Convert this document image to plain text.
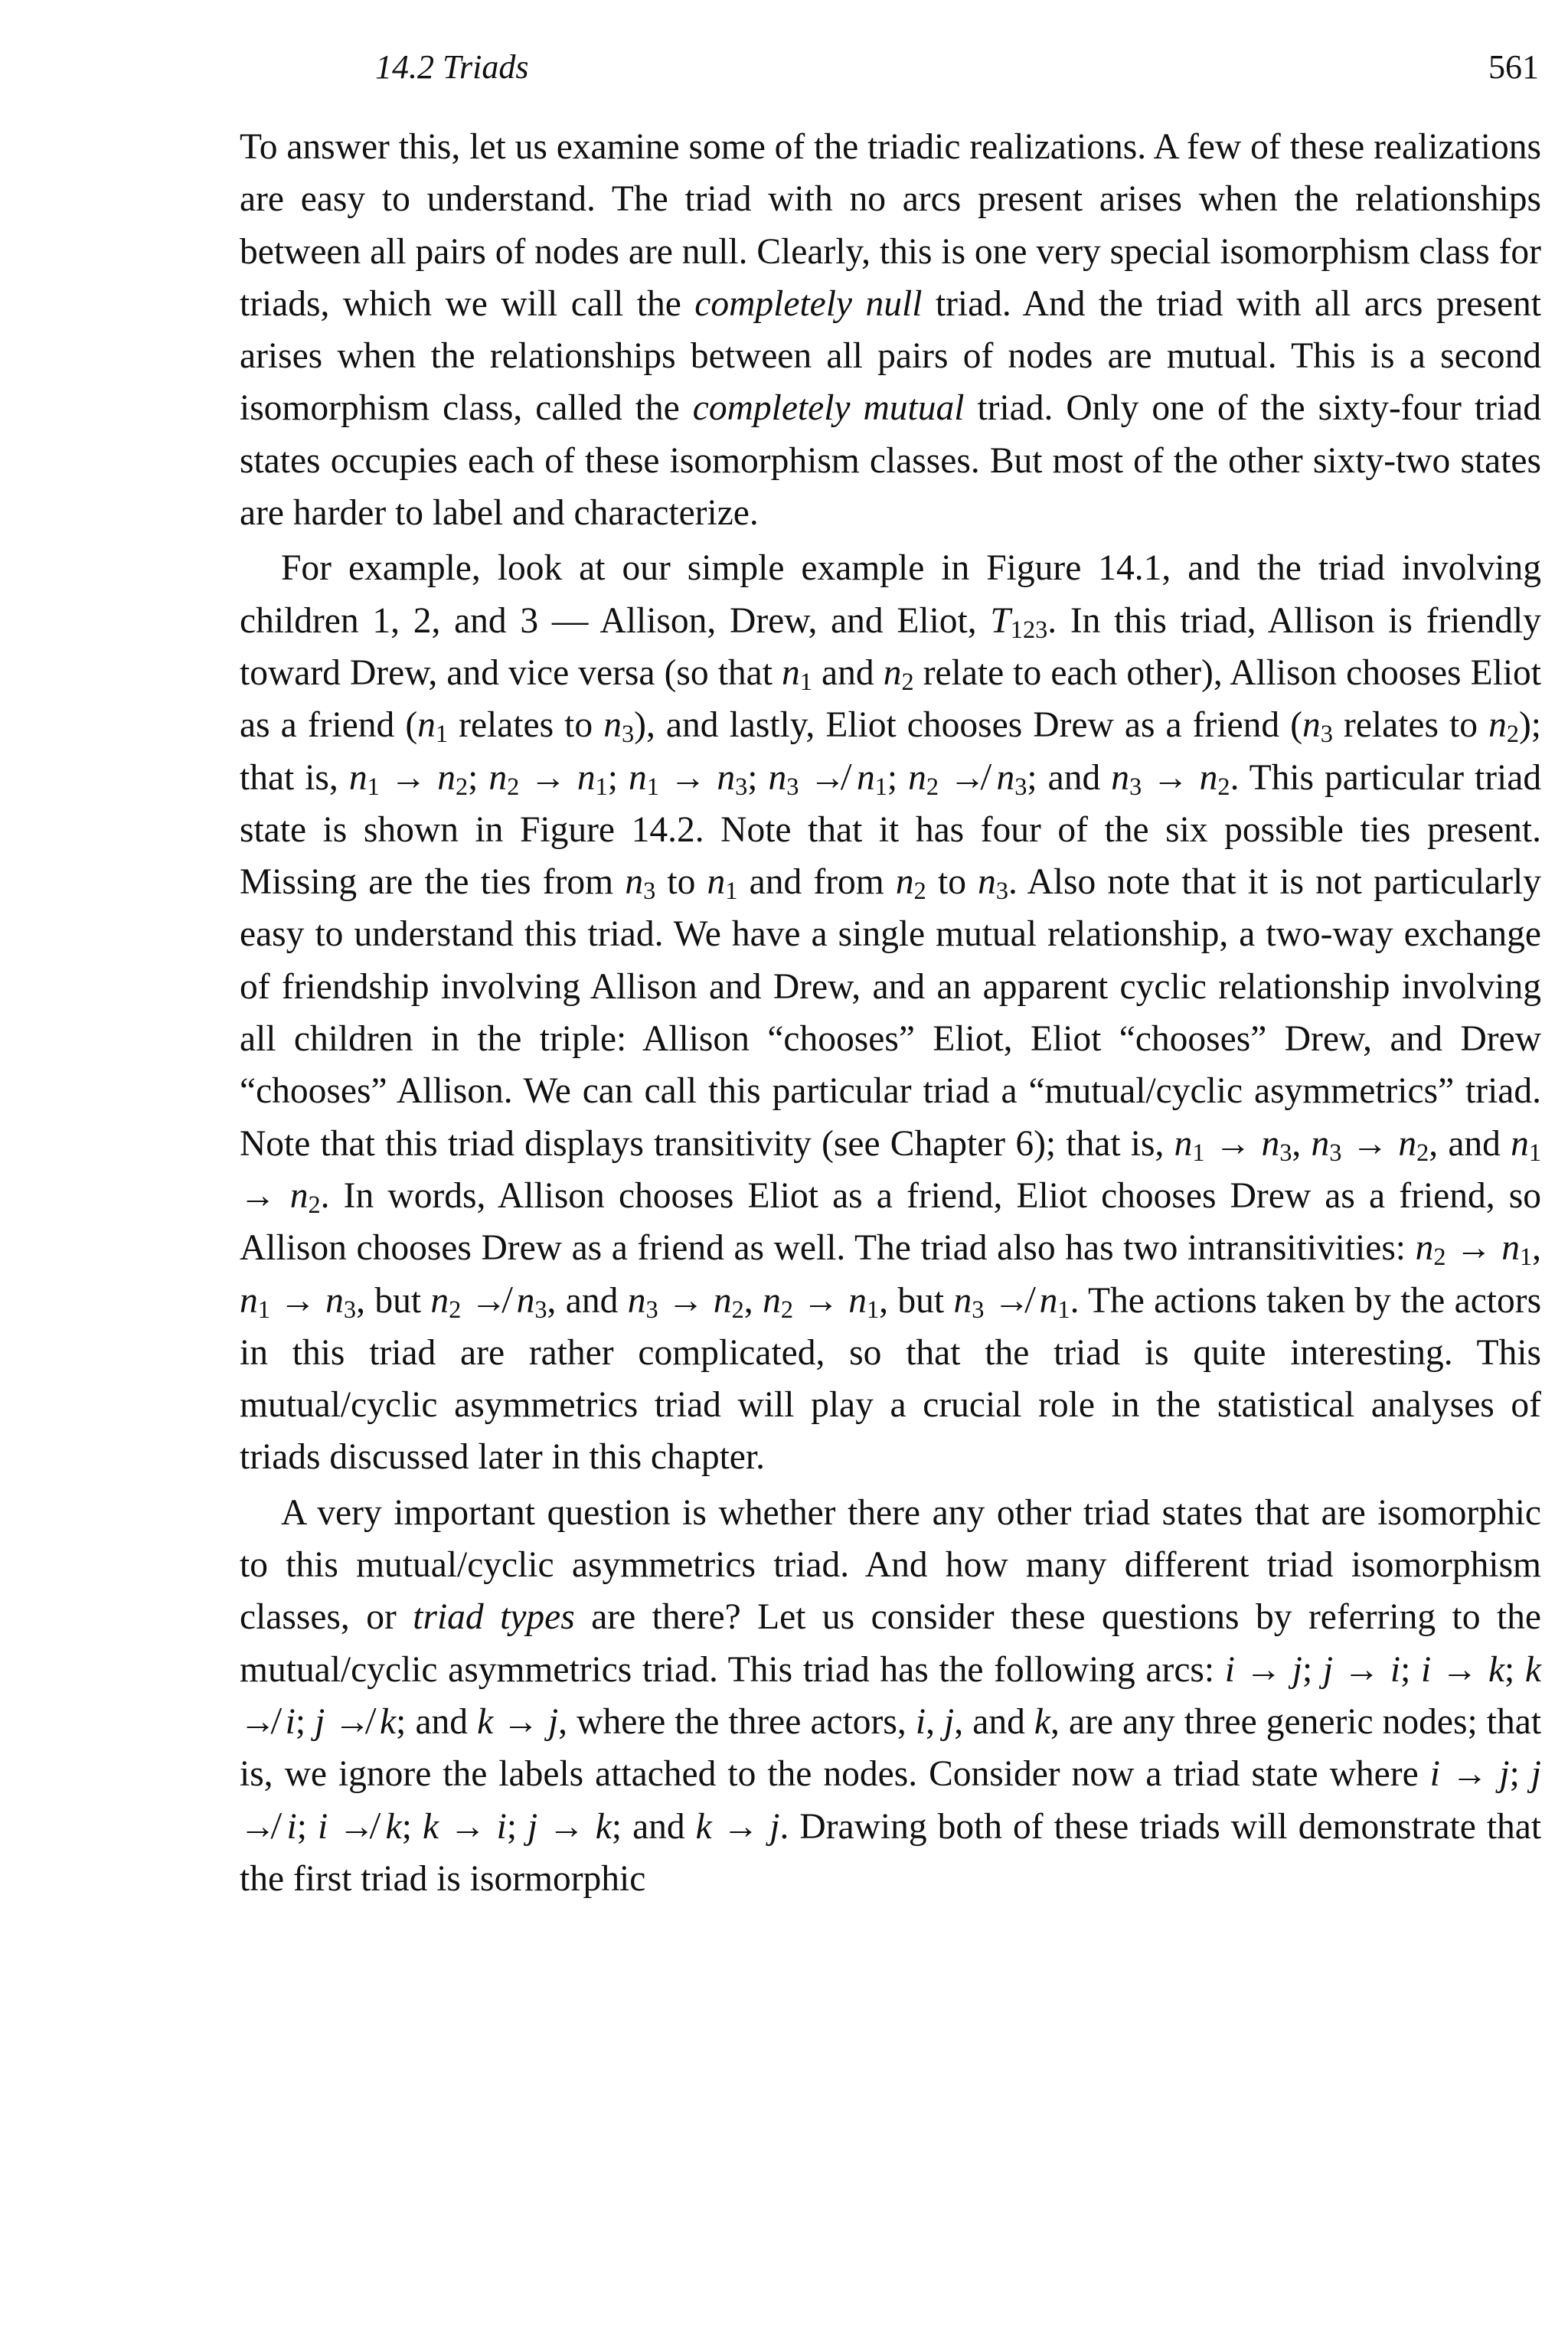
14.2 Triads	561

To answer this, let us examine some of the triadic realizations. A few of these realizations are easy to understand. The triad with no arcs present arises when the relationships between all pairs of nodes are null. Clearly, this is one very special isomorphism class for triads, which we will call the completely null triad. And the triad with all arcs present arises when the relationships between all pairs of nodes are mutual. This is a second isomorphism class, called the completely mutual triad. Only one of the sixty-four triad states occupies each of these isomorphism classes. But most of the other sixty-two states are harder to label and characterize.

For example, look at our simple example in Figure 14.1, and the triad involving children 1, 2, and 3 — Allison, Drew, and Eliot, $T_{123}$. In this triad, Allison is friendly toward Drew, and vice versa (so that $n_1$ and $n_2$ relate to each other), Allison chooses Eliot as a friend ($n_1$ relates to $n_3$), and lastly, Eliot chooses Drew as a friend ($n_3$ relates to $n_2$); that is, $n_1 \to n_2$; $n_2 \to n_1$; $n_1 \to n_3$; $n_3$ ↛ $n_1$; $n_2$ ↛ $n_3$; and $n_3 \to n_2$. This particular triad state is shown in Figure 14.2. Note that it has four of the six possible ties present. Missing are the ties from $n_3$ to $n_1$ and from $n_2$ to $n_3$. Also note that it is not particularly easy to understand this triad. We have a single mutual relationship, a two-way exchange of friendship involving Allison and Drew, and an apparent cyclic relationship involving all children in the triple: Allison “chooses” Eliot, Eliot “chooses” Drew, and Drew “chooses” Allison. We can call this particular triad a “mutual/cyclic asymmetrics” triad. Note that this triad displays transitivity (see Chapter 6); that is, $n_1 \to n_3$, $n_3 \to n_2$, and $n_1 \to n_2$. In words, Allison chooses Eliot as a friend, Eliot chooses Drew as a friend, so Allison chooses Drew as a friend as well. The triad also has two intransitivities: $n_2 \to n_1$, $n_1 \to n_3$, but $n_2$ ↛ $n_3$, and $n_3 \to n_2$, $n_2 \to n_1$, but $n_3$ ↛ $n_1$. The actions taken by the actors in this triad are rather complicated, so that the triad is quite interesting. This mutual/cyclic asymmetrics triad will play a crucial role in the statistical analyses of triads discussed later in this chapter.

A very important question is whether there any other triad states that are isomorphic to this mutual/cyclic asymmetrics triad. And how many different triad isomorphism classes, or triad types are there? Let us consider these questions by referring to the mutual/cyclic asymmetrics triad. This triad has the following arcs: i → j; j → i; i → k; k ↛ i; j ↛ k; and k → j, where the three actors, i, j, and k, are any three generic nodes; that is, we ignore the labels attached to the nodes. Consider now a triad state where i → j; j ↛ i; i ↛ k; k → i; j → k; and k → j. Drawing both of these triads will demonstrate that the first triad is isormorphic
